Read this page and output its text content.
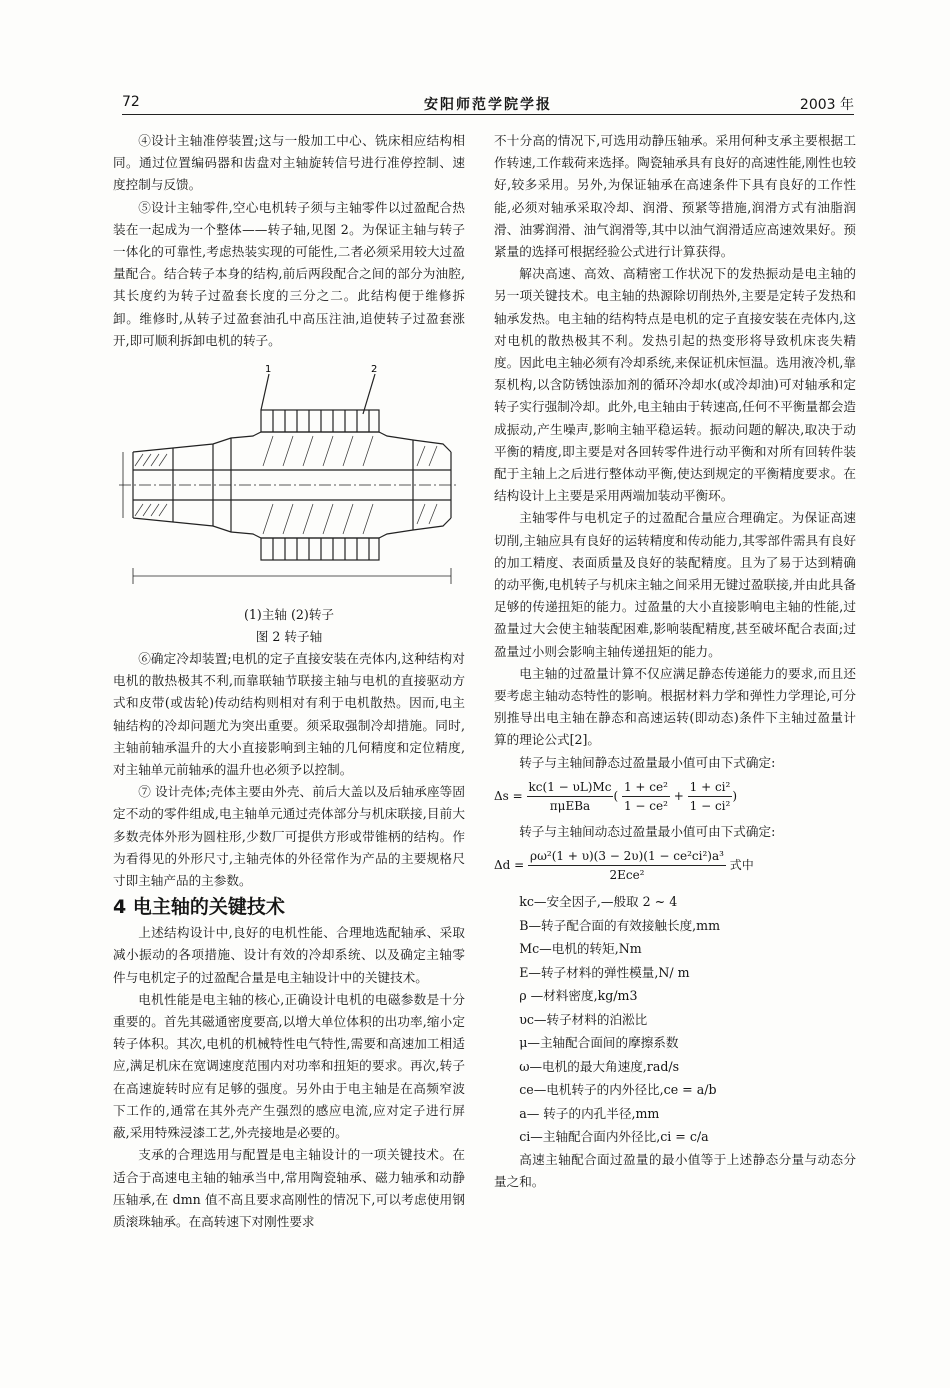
72	安阳师范学院学报	2003 年

④设计主轴准停装置;这与一般加工中心、铣床相应结构相同。通过位置编码器和齿盘对主轴旋转信号进行准停控制、速度控制与反馈。

⑤设计主轴零件,空心电机转子须与主轴零件以过盈配合热装在一起成为一个整体——转子轴,见图 2。为保证主轴与转子一体化的可靠性,考虑热装实现的可能性,二者必须采用较大过盈量配合。结合转子本身的结构,前后两段配合之间的部分为油腔,其长度约为转子过盈套长度的三分之二。此结构便于维修拆卸。维修时,从转子过盈套油孔中高压注油,追使转子过盈套涨开,即可顺利拆卸电机的转子。

1	2
(1)主轴 (2)转子
图 2 转子轴

⑥确定冷却装置;电机的定子直接安装在壳体内,这种结构对电机的散热极其不利,而靠联轴节联接主轴与电机的直接驱动方式和皮带(或齿轮)传动结构则相对有利于电机散热。因而,电主轴结构的冷却问题尤为突出重要。须采取强制冷却措施。同时,主轴前轴承温升的大小直接影响到主轴的几何精度和定位精度,对主轴单元前轴承的温升也必须予以控制。

⑦ 设计壳体;壳体主要由外壳、前后大盖以及后轴承座等固定不动的零件组成,电主轴单元通过壳体部分与机床联接,目前大多数壳体外形为圆柱形,少数厂可提供方形或带锥柄的结构。作为看得见的外形尺寸,主轴壳体的外径常作为产品的主要规格尺寸即主轴产品的主参数。

4 电主轴的关键技术

上述结构设计中,良好的电机性能、合理地选配轴承、采取减小振动的各项措施、设计有效的冷却系统、以及确定主轴零件与电机定子的过盈配合量是电主轴设计中的关键技术。

电机性能是电主轴的核心,正确设计电机的电磁参数是十分重要的。首先其磁通密度要高,以增大单位体积的出功率,缩小定转子体积。其次,电机的机械特性电气特性,需要和高速加工相适应,满足机床在宽调速度范围内对功率和扭矩的要求。再次,转子在高速旋转时应有足够的强度。另外由于电主轴是在高频窄波下工作的,通常在其外壳产生强烈的感应电流,应对定子进行屏蔽,采用特殊浸漆工艺,外壳接地是必要的。

支承的合理选用与配置是电主轴设计的一项关键技术。在适合于高速电主轴的轴承当中,常用陶瓷轴承、磁力轴承和动静压轴承,在 dmn 值不高且要求高刚性的情况下,可以考虑使用钢质滚珠轴承。在高转速下对刚性要求

不十分高的情况下,可选用动静压轴承。采用何种支承主要根据工作转速,工作载荷来选择。陶瓷轴承具有良好的高速性能,刚性也较好,较多采用。另外,为保证轴承在高速条件下具有良好的工作性能,必须对轴承采取冷却、润滑、预紧等措施,润滑方式有油脂润滑、油雾润滑、油气润滑等,其中以油气润滑适应高速效果好。预紧量的选择可根据经验公式进行计算获得。

解决高速、高效、高精密工作状况下的发热振动是电主轴的另一项关键技术。电主轴的热源除切削热外,主要是定转子发热和轴承发热。电主轴的结构特点是电机的定子直接安装在壳体内,这对电机的散热极其不利。发热引起的热变形将导致机床丧失精度。因此电主轴必须有冷却系统,来保证机床恒温。选用液冷机,靠泵机构,以含防锈蚀添加剂的循环冷却水(或冷却油)可对轴承和定转子实行强制冷却。此外,电主轴由于转速高,任何不平衡量都会造成振动,产生噪声,影响主轴平稳运转。振动问题的解决,取决于动平衡的精度,即主要是对各回转零件进行动平衡和对所有回转件装配于主轴上之后进行整体动平衡,使达到规定的平衡精度要求。在结构设计上主要是采用两端加装动平衡环。

主轴零件与电机定子的过盈配合量应合理确定。为保证高速切削,主轴应具有良好的运转精度和传动能力,其零部件需具有良好的加工精度、表面质量及良好的装配精度。且为了易于达到精确的动平衡,电机转子与机床主轴之间采用无键过盈联接,并由此具备足够的传递扭矩的能力。过盈量的大小直接影响电主轴的性能,过盈量过大会使主轴装配困难,影响装配精度,甚至破坏配合表面;过盈量过小则会影响主轴传递扭矩的能力。

电主轴的过盈量计算不仅应满足静态传递能力的要求,而且还要考虑主轴动态特性的影响。根据材料力学和弹性力学理论,可分别推导出电主轴在静态和高速运转(即动态)条件下主轴过盈量计算的理论公式[2]。

转子与主轴间静态过盈量最小值可由下式确定:

$\Delta s = \frac{kc(1 - \upsilon L)Mc}{\text{πμEBa}}$ ( $\frac{\text{1 + ce²}}{\text{1 − ce²}} + \frac{\text{1 + ci²}}{\text{1 − ci²}}$ )

转子与主轴间动态过盈量最小值可由下式确定:

$\Delta d = \frac{\text{ρω²(1 + υ)(3 − 2υ)(1 − ce²ci²)a³}}{\text{2Ece²}}$ 式中
kc—安全因子,—般取 2 ~ 4
B—转子配合面的有效接触长度,mm
Mc—电机的转矩,Nm
E—转子材料的弹性模量,N/ m
ρ —材料密度,kg/m3
υc—转子材料的泊淞比
μ—主轴配合面间的摩擦系数
ω—电机的最大角速度,rad/s
ce—电机转子的内外径比,ce = a/b
a— 转子的内孔半径,mm
ci—主轴配合面内外径比,ci = c/a

高速主轴配合面过盈量的最小值等于上述静态分量与动态分量之和。
